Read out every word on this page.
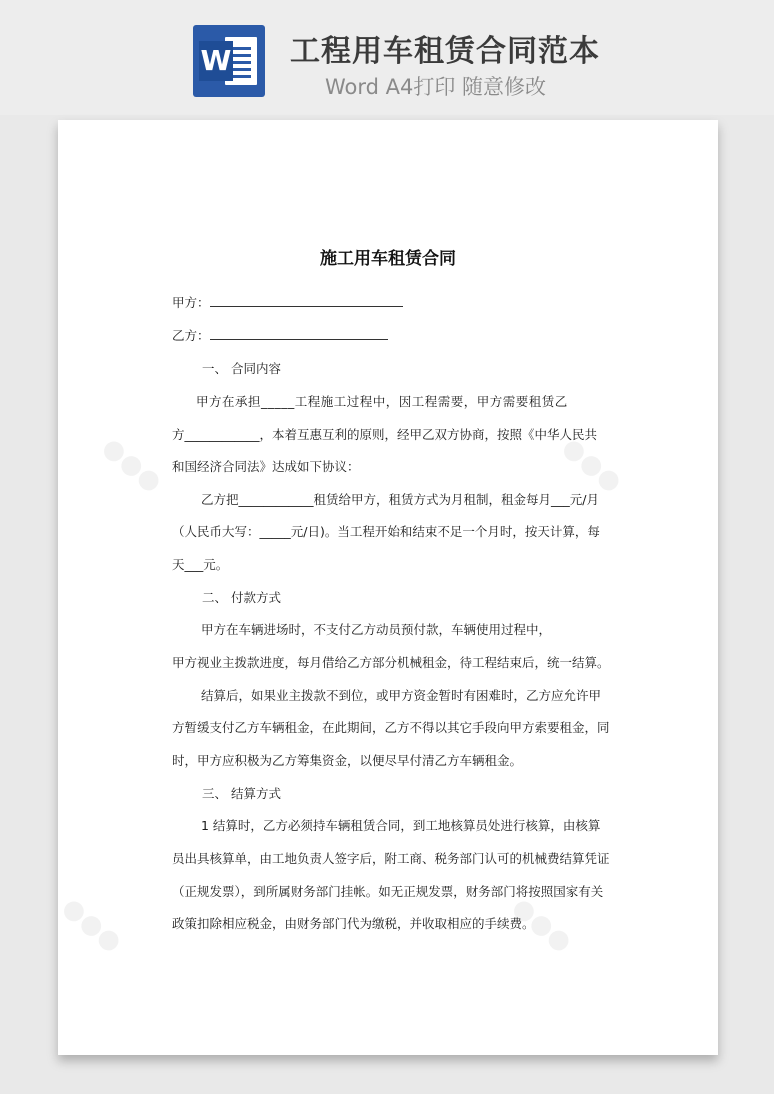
W 工程用车租赁合同范本
Word A4打印 随意修改
●●●	●●●
●●●	●●●
施工用车租赁合同
甲方：
乙方：
一、 合同内容
甲方在承担_____工程施工过程中，因工程需要，甲方需要租赁乙
方____________，本着互惠互利的原则，经甲乙双方协商，按照《中华人民共
和国经济合同法》达成如下协议：
乙方把____________租赁给甲方，租赁方式为月租制，租金每月___元/月
（人民币大写：_____元/日)。当工程开始和结束不足一个月时，按天计算，每
天___元。
二、 付款方式
甲方在车辆进场时，不支付乙方动员预付款，车辆使用过程中，
甲方视业主拨款进度，每月借给乙方部分机械租金，待工程结束后，统一结算。
结算后，如果业主拨款不到位，或甲方资金暂时有困难时，乙方应允许甲
方暂缓支付乙方车辆租金，在此期间，乙方不得以其它手段向甲方索要租金，同
时，甲方应积极为乙方筹集资金，以便尽早付清乙方车辆租金。
三、 结算方式
1 结算时，乙方必须持车辆租赁合同，到工地核算员处进行核算，由核算
员出具核算单，由工地负责人签字后，附工商、税务部门认可的机械费结算凭证
（正规发票），到所属财务部门挂帐。如无正规发票，财务部门将按照国家有关
政策扣除相应税金，由财务部门代为缴税，并收取相应的手续费。
